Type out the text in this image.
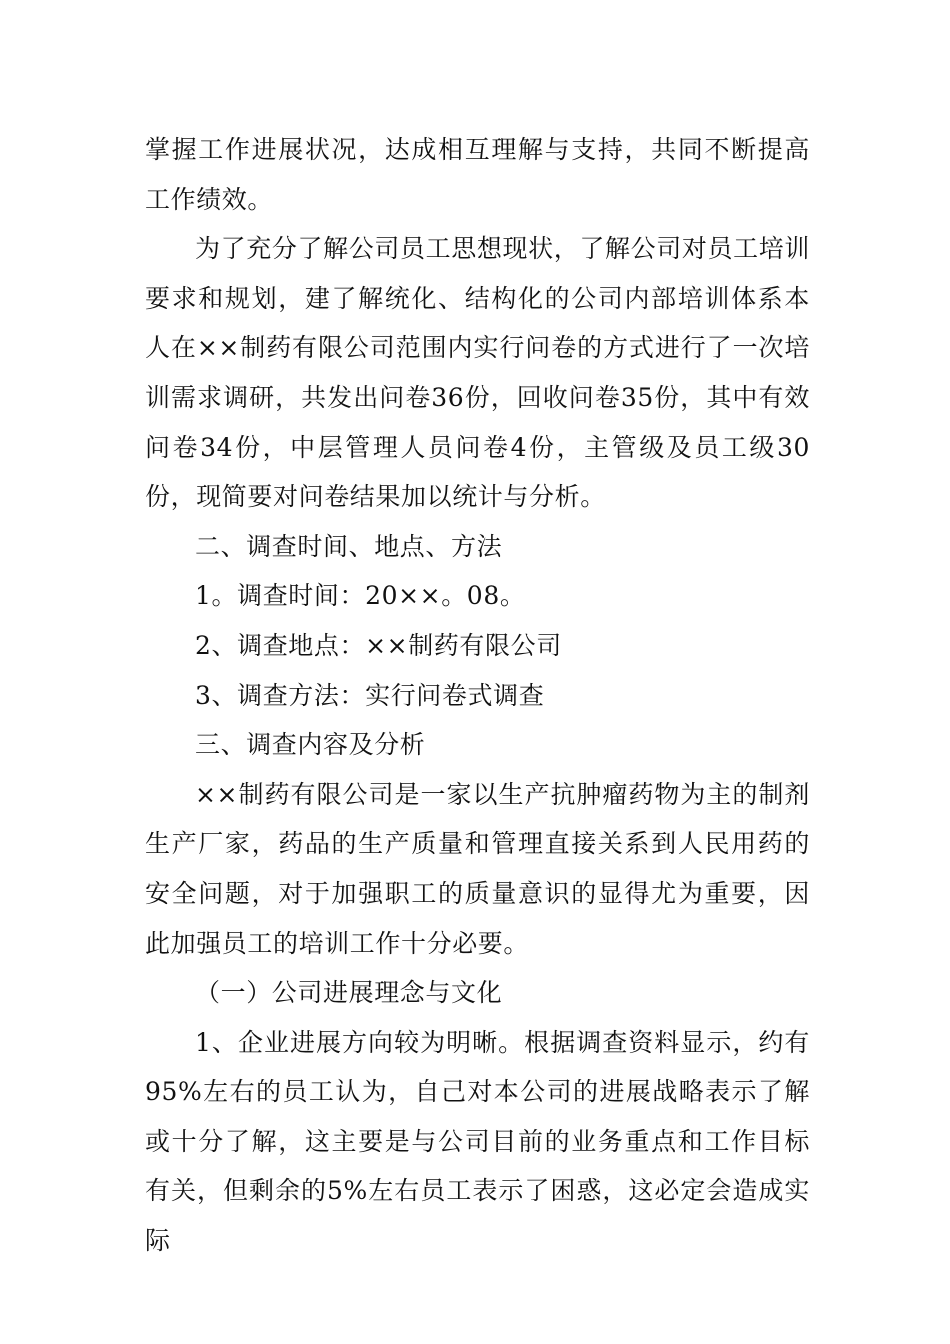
掌握工作进展状况，达成相互理解与支持，共同不断提高工作绩效。

为了充分了解公司员工思想现状，了解公司对员工培训要求和规划，建了解统化、结构化的公司内部培训体系本人在××制药有限公司范围内实行问卷的方式进行了一次培训需求调研，共发出问卷36份，回收问卷35份，其中有效问卷34份，中层管理人员问卷4份，主管级及员工级30份，现简要对问卷结果加以统计与分析。

二、调查时间、地点、方法

1。调查时间：20××。08。

2、调查地点：××制药有限公司

3、调查方法：实行问卷式调查

三、调查内容及分析

××制药有限公司是一家以生产抗肿瘤药物为主的制剂生产厂家，药品的生产质量和管理直接关系到人民用药的安全问题，对于加强职工的质量意识的显得尤为重要，因此加强员工的培训工作十分必要。

（一）公司进展理念与文化

1、企业进展方向较为明晰。根据调查资料显示，约有95%左右的员工认为，自己对本公司的进展战略表示了解或十分了解，这主要是与公司目前的业务重点和工作目标有关，但剩余的5%左右员工表示了困惑，这必定会造成实际
